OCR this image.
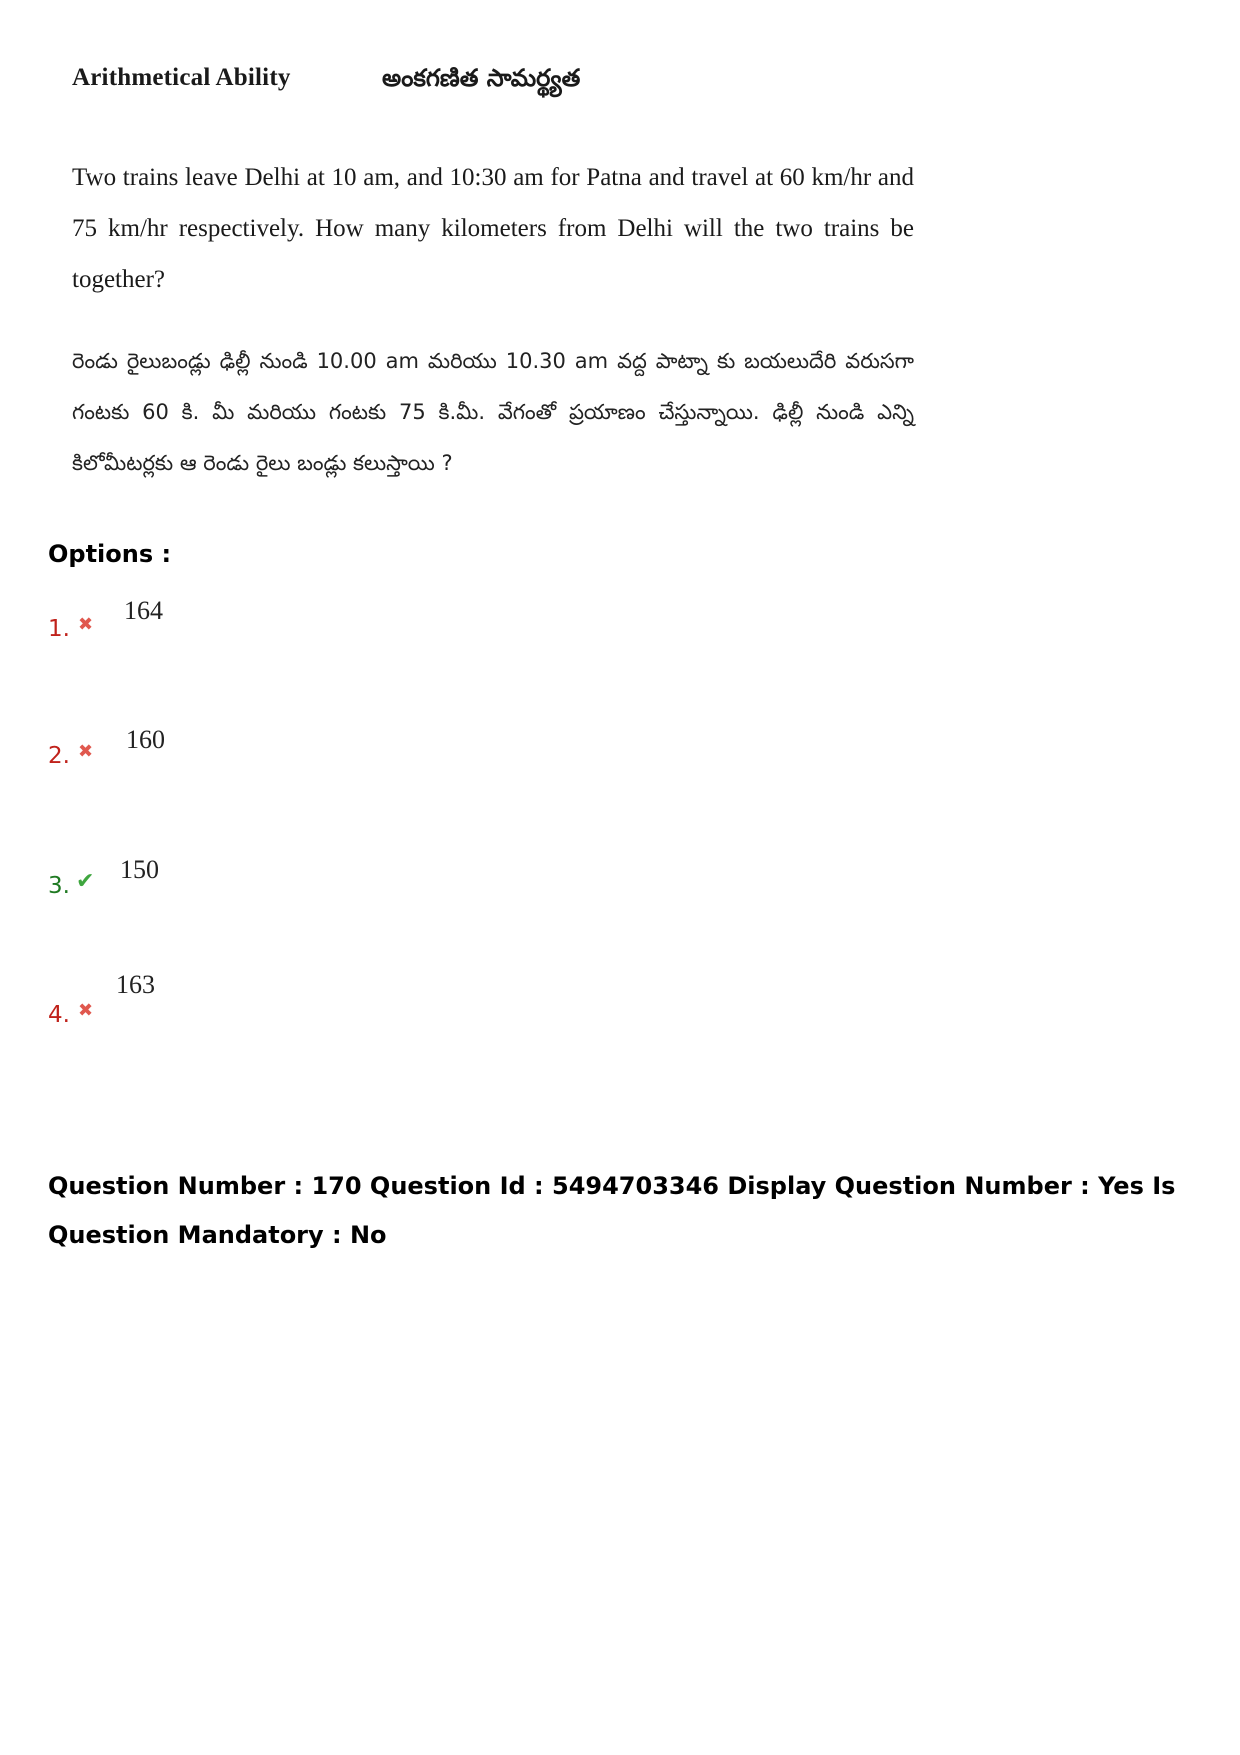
Arithmetical Ability	అంకగణిత సామర్థ్యత
Two trains leave Delhi at 10 am, and 10:30 am for Patna and travel at 60 km/hr and 75 km/hr respectively. How many kilometers from Delhi will the two trains be together?
రెండు రైలుబండ్లు ఢిల్లీ నుండి 10.00 am మరియు 10.30 am వద్ద పాట్నా కు బయలుదేరి వరుసగా గంటకు 60 కి. మీ మరియు గంటకు 75 కి.మీ. వేగంతో ప్రయాణం చేస్తున్నాయి. ఢిల్లీ నుండి ఎన్ని కిలోమీటర్లకు ఆ రెండు రైలు బండ్లు కలుస్తాయి ?
Options :
1. ✖ 164
2. ✖ 160
3. ✔ 150
4. ✖
163
Question Number : 170 Question Id : 5494703346 Display Question Number : Yes Is Question Mandatory : No
